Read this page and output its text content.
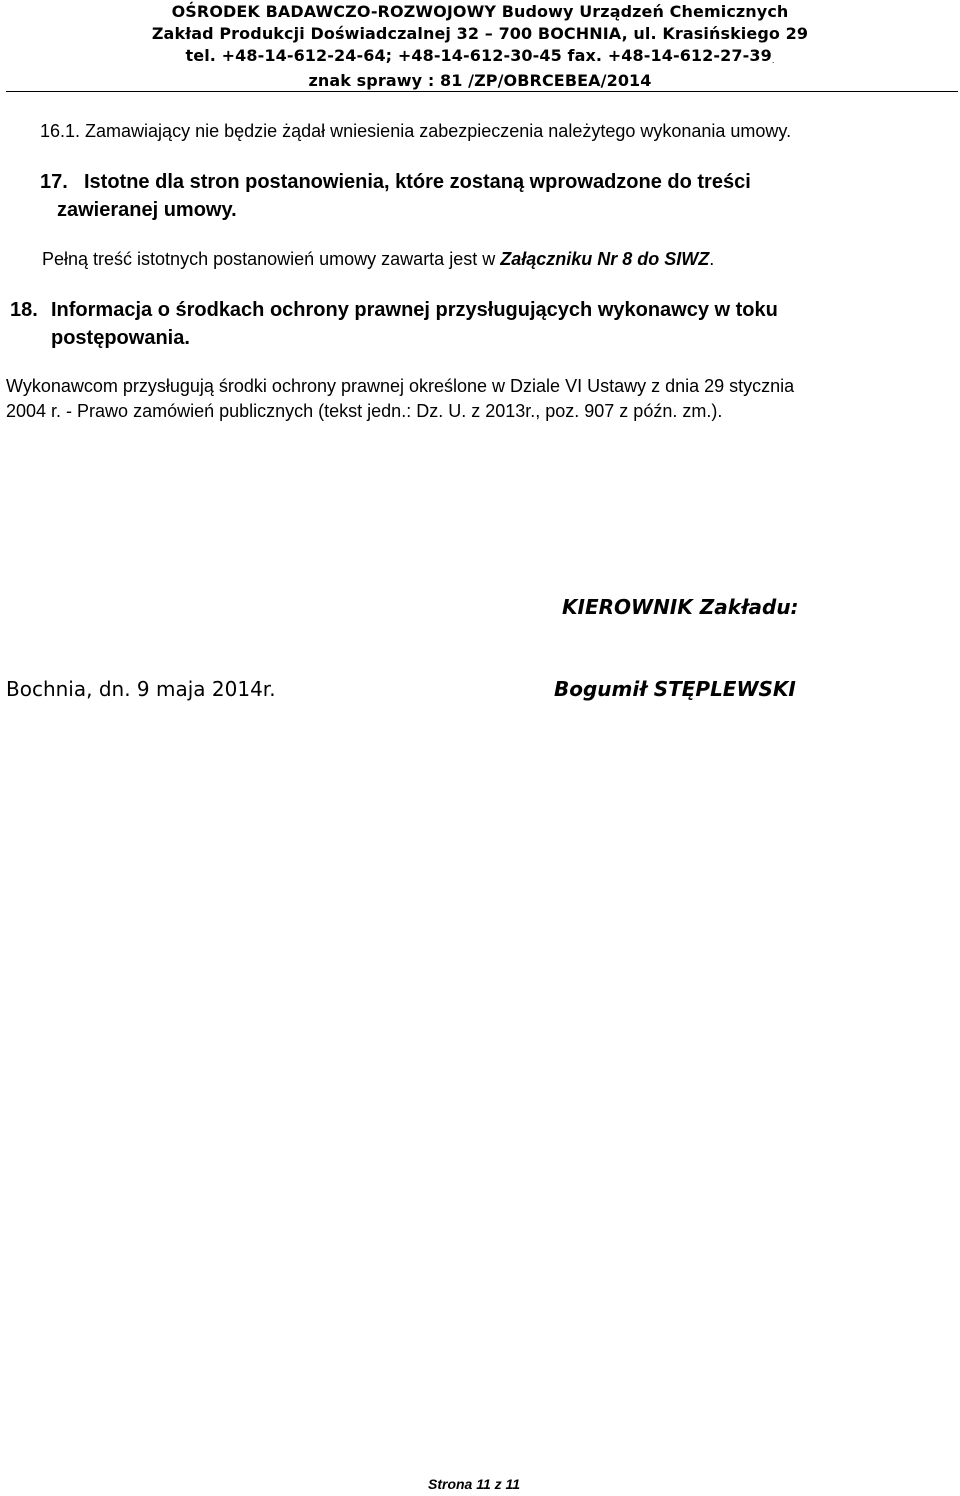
OŚRODEK BADAWCZO-ROZWOJOWY Budowy Urządzeń Chemicznych
Zakład Produkcji Doświadczalnej 32 – 700 BOCHNIA, ul. Krasińskiego 29
tel. +48-14-612-24-64; +48-14-612-30-45 fax. +48-14-612-27-39.
znak sprawy : 81 /ZP/OBRCEBEA/2014
16.1. Zamawiający nie będzie żądał wniesienia zabezpieczenia należytego wykonania umowy.
17. Istotne dla stron postanowienia, które zostaną wprowadzone do treści
zawieranej umowy.
Pełną treść istotnych postanowień umowy zawarta jest w Załączniku Nr 8 do SIWZ.
18. Informacja o środkach ochrony prawnej przysługujących wykonawcy w toku
postępowania.
Wykonawcom przysługują środki ochrony prawnej określone w Dziale VI Ustawy z dnia 29 stycznia
2004 r. - Prawo zamówień publicznych (tekst jedn.: Dz. U. z 2013r., poz. 907 z późn. zm.).
KIEROWNIK Zakładu:
Bochnia, dn. 9 maja 2014r.	Bogumił STĘPLEWSKI
Strona 11 z 11
